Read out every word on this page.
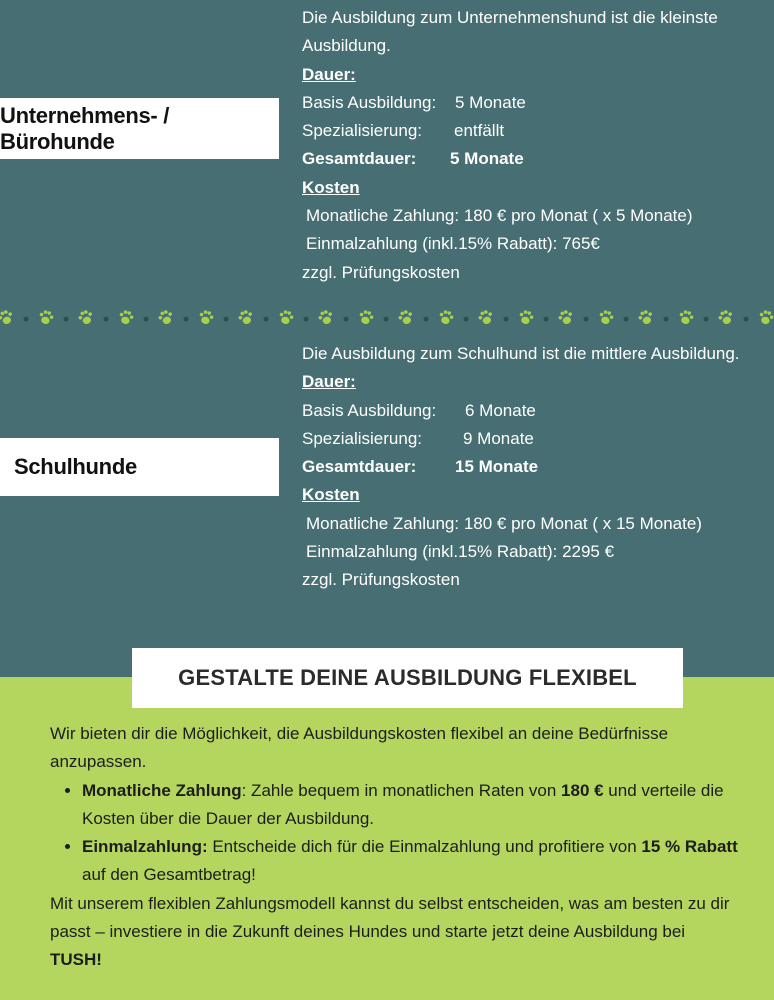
Unternehmens- / Bürohunde
Die Ausbildung zum Unternehmenshund ist die kleinste Ausbildung.
Dauer:
Basis Ausbildung:	5 Monate
Spezialisierung:	entfällt
Gesamtdauer:	5 Monate
Kosten
Monatliche Zahlung: 180 € pro Monat ( x 5 Monate)
Einmalzahlung (inkl.15% Rabatt): 765€
zzgl. Prüfungskosten
Schulhunde
Die Ausbildung zum Schulhund ist die mittlere Ausbildung.
Dauer:
Basis Ausbildung:	6 Monate
Spezialisierung:	9 Monate
Gesamtdauer:	15 Monate
Kosten
Monatliche Zahlung: 180 € pro Monat ( x 15 Monate)
Einmalzahlung (inkl.15% Rabatt): 2295 €
zzgl. Prüfungskosten
GESTALTE DEINE AUSBILDUNG FLEXIBEL

Wir bieten dir die Möglichkeit, die Ausbildungskosten flexibel an deine Bedürfnisse anzupassen.

• Monatliche Zahlung: Zahle bequem in monatlichen Raten von 180 € und verteile die Kosten über die Dauer der Ausbildung.
• Einmalzahlung: Entscheide dich für die Einmalzahlung und profitiere von 15 % Rabatt auf den Gesamtbetrag!

Mit unserem flexiblen Zahlungsmodell kannst du selbst entscheiden, was am besten zu dir passt – investiere in die Zukunft deines Hundes und starte jetzt deine Ausbildung bei TUSH!
